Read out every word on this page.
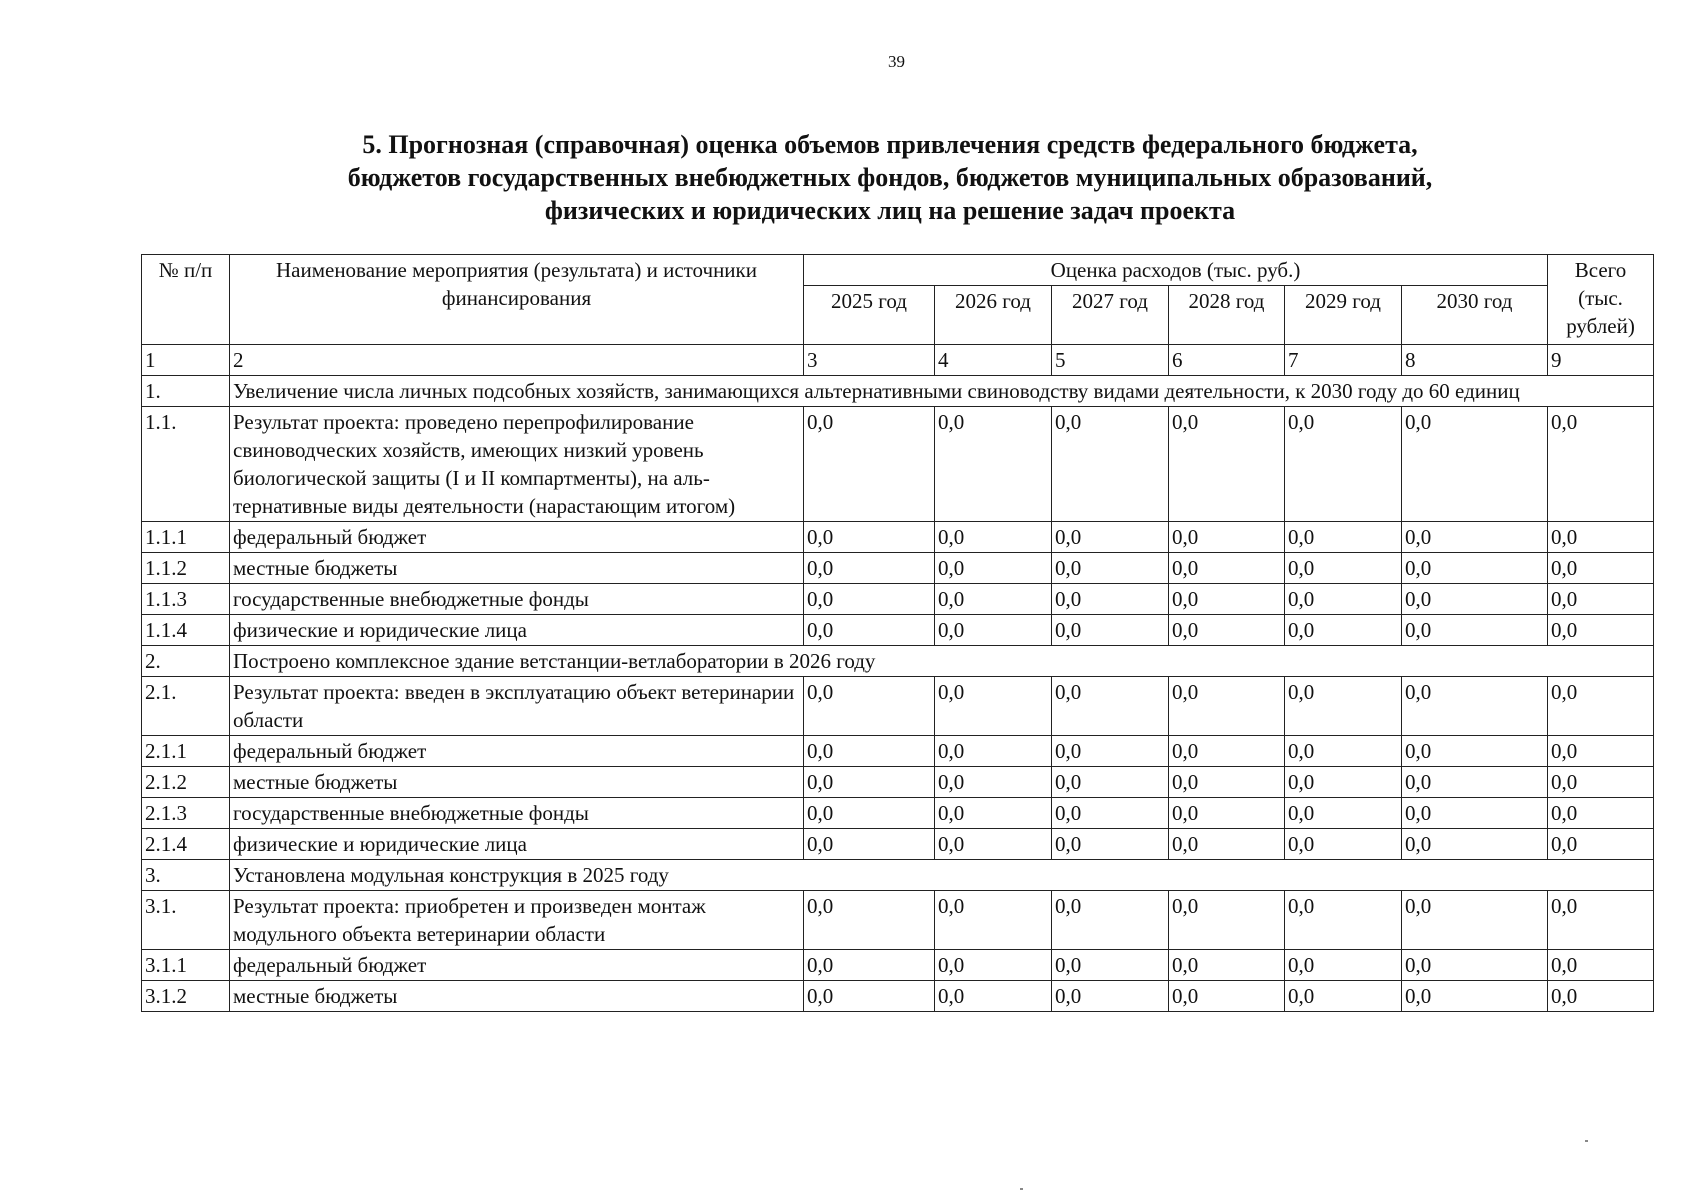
39
5. Прогнозная (справочная) оценка объемов привлечения средств федерального бюджета,
бюджетов государственных внебюджетных фондов, бюджетов муниципальных образований,
физических и юридических лиц на решение задач проекта
№ п/п	Наименование мероприятия (результата) и источники финансирования	Оценка расходов (тыс. руб.)						Всего (тыс. рублей)
		2025 год	2026 год	2027 год	2028 год	2029 год	2030 год	
1	2	3	4	5	6	7	8	9
1.	Увеличение числа личных подсобных хозяйств, занимающихся альтернативными свиноводству видами деятельности, к 2030 году до 60 единиц							
1.1.	Результат проекта: проведено перепрофилирование свиноводческих хозяйств, имеющих низкий уровень биологической защиты (I и II компартменты), на альтернативные виды деятельности (нарастающим итогом)	0,0	0,0	0,0	0,0	0,0	0,0	0,0
1.1.1	федеральный бюджет	0,0	0,0	0,0	0,0	0,0	0,0	0,0
1.1.2	местные бюджеты	0,0	0,0	0,0	0,0	0,0	0,0	0,0
1.1.3	государственные внебюджетные фонды	0,0	0,0	0,0	0,0	0,0	0,0	0,0
1.1.4	физические и юридические лица	0,0	0,0	0,0	0,0	0,0	0,0	0,0
2.	Построено комплексное здание ветстанции-ветлаборатории в 2026 году							
2.1.	Результат проекта: введен в эксплуатацию объект ветеринарии области	0,0	0,0	0,0	0,0	0,0	0,0	0,0
2.1.1	федеральный бюджет	0,0	0,0	0,0	0,0	0,0	0,0	0,0
2.1.2	местные бюджеты	0,0	0,0	0,0	0,0	0,0	0,0	0,0
2.1.3	государственные внебюджетные фонды	0,0	0,0	0,0	0,0	0,0	0,0	0,0
2.1.4	физические и юридические лица	0,0	0,0	0,0	0,0	0,0	0,0	0,0
3.	Установлена модульная конструкция в 2025 году							
3.1.	Результат проекта: приобретен и произведен монтаж модульного объекта ветеринарии области	0,0	0,0	0,0	0,0	0,0	0,0	0,0
3.1.1	федеральный бюджет	0,0	0,0	0,0	0,0	0,0	0,0	0,0
3.1.2	местные бюджеты	0,0	0,0	0,0	0,0	0,0	0,0	0,0
